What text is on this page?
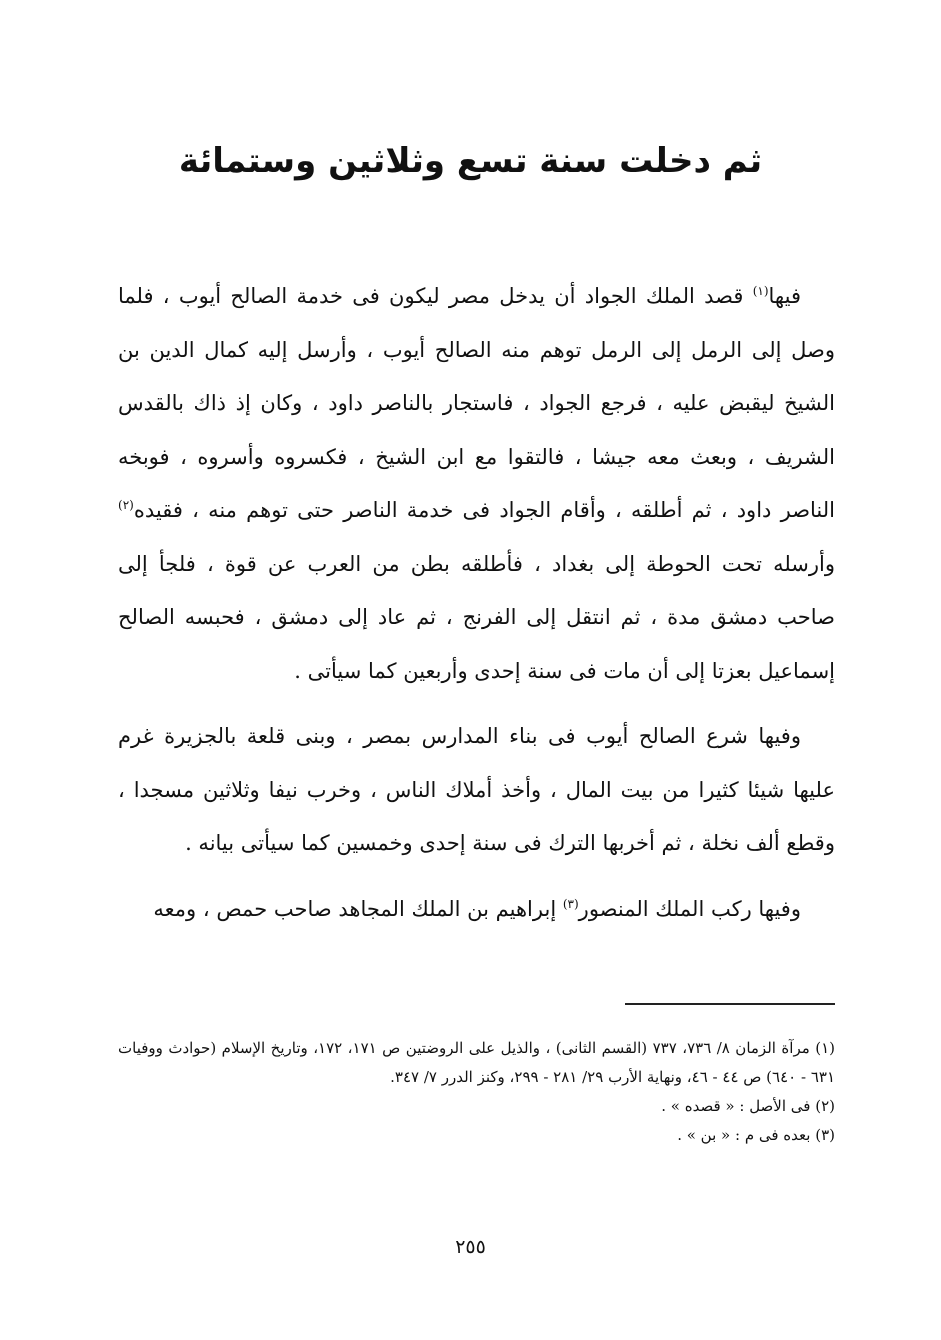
ثم دخلت سنة تسع وثلاثين وستمائة

فيها$^{(١)}$ قصد الملك الجواد أن يدخل مصر ليكون فى خدمة الصالح أيوب ، فلما وصل إلى الرمل إلى الرمل توهم منه الصالح أيوب ، وأرسل إليه كمال الدين بن الشيخ ليقبض عليه ، فرجع الجواد ، فاستجار بالناصر داود ، وكان إذ ذاك بالقدس الشريف ، وبعث معه جيشا ، فالتقوا مع ابن الشيخ ، فكسروه وأسروه ، فوبخه الناصر داود ، ثم أطلقه ، وأقام الجواد فى خدمة الناصر حتى توهم منه ، فقيده$^{(٢)}$ وأرسله تحت الحوطة إلى بغداد ، فأطلقه بطن من العرب عن قوة ، فلجأ إلى صاحب دمشق مدة ، ثم انتقل إلى الفرنج ، ثم عاد إلى دمشق ، فحبسه الصالح إسماعيل بعزتا إلى أن مات فى سنة إحدى وأربعين كما سيأتى .

وفيها شرع الصالح أيوب فى بناء المدارس بمصر ، وبنى قلعة بالجزيرة غرم عليها شيئا كثيرا من بيت المال ، وأخذ أملاك الناس ، وخرب نيفا وثلاثين مسجدا ، وقطع ألف نخلة ، ثم أخربها الترك فى سنة إحدى وخمسين كما سيأتى بيانه .

وفيها ركب الملك المنصور$^{(٣)}$ إبراهيم بن الملك المجاهد صاحب حمص ، ومعه

(١) مرآة الزمان ٨/ ٧٣٦، ٧٣٧ (القسم الثانى) ، والذيل على الروضتين ص ١٧١، ١٧٢، وتاريخ الإسلام (حوادث ووفيات ٦٣١ - ٦٤٠) ص ٤٤ - ٤٦، ونهاية الأرب ٢٩/ ٢٨١ - ٢٩٩، وكنز الدرر ٧/ ٣٤٧.

(٢) فى الأصل : « قصده » .

(٣) بعده فى م : « بن » .

٢٥٥
